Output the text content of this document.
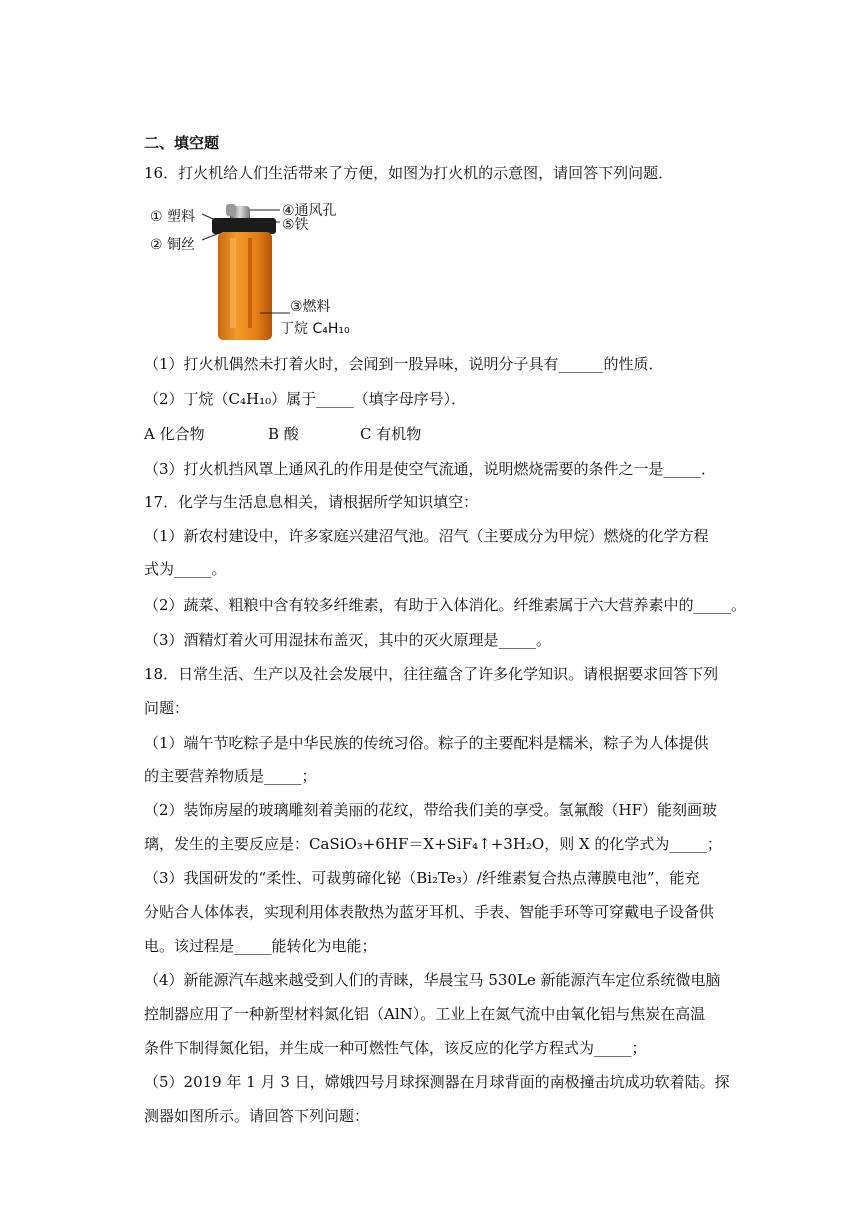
二、填空题
16．打火机给人们生活带来了方便，如图为打火机的示意图，请回答下列问题．
① 塑料
② 铜丝
④通风孔
⑤铁
③燃料
丁烷 C₄H₁₀
（1）打火机偶然未打着火时，会闻到一股异味，说明分子具有______的性质．
（2）丁烷（C₄H₁₀）属于_____（填字母序号）．
A 化合物	B 酸	C 有机物
（3）打火机挡风罩上通风孔的作用是使空气流通，说明燃烧需要的条件之一是_____．
17．化学与生活息息相关，请根据所学知识填空：
（1）新农村建设中，许多家庭兴建沼气池。沼气（主要成分为甲烷）燃烧的化学方程
式为_____。
（2）蔬菜、粗粮中含有较多纤维素，有助于入体消化。纤维素属于六大营养素中的_____。
（3）酒精灯着火可用湿抹布盖灭，其中的灭火原理是_____。
18．日常生活、生产以及社会发展中，往往蕴含了许多化学知识。请根据要求回答下列
问题：
（1）端午节吃粽子是中华民族的传统习俗。粽子的主要配料是糯米，粽子为人体提供
的主要营养物质是_____；
（2）装饰房屋的玻璃雕刻着美丽的花纹，带给我们美的享受。氢氟酸（HF）能刻画玻
璃，发生的主要反应是：CaSiO₃+6HF＝X+SiF₄↑+3H₂O，则 X 的化学式为_____；
（3）我国研发的“柔性、可裁剪碲化铋（Bi₂Te₃）/纤维素复合热点薄膜电池”，能充
分贴合人体体表，实现利用体表散热为蓝牙耳机、手表、智能手环等可穿戴电子设备供
电。该过程是_____能转化为电能；
（4）新能源汽车越来越受到人们的青睐，华晨宝马 530Le 新能源汽车定位系统微电脑
控制器应用了一种新型材料氮化铝（AlN）。工业上在氮气流中由氧化铝与焦炭在高温
条件下制得氮化铝，并生成一种可燃性气体，该反应的化学方程式为_____；
（5）2019 年 1 月 3 日，嫦娥四号月球探测器在月球背面的南极撞击坑成功软着陆。探
测器如图所示。请回答下列问题：
